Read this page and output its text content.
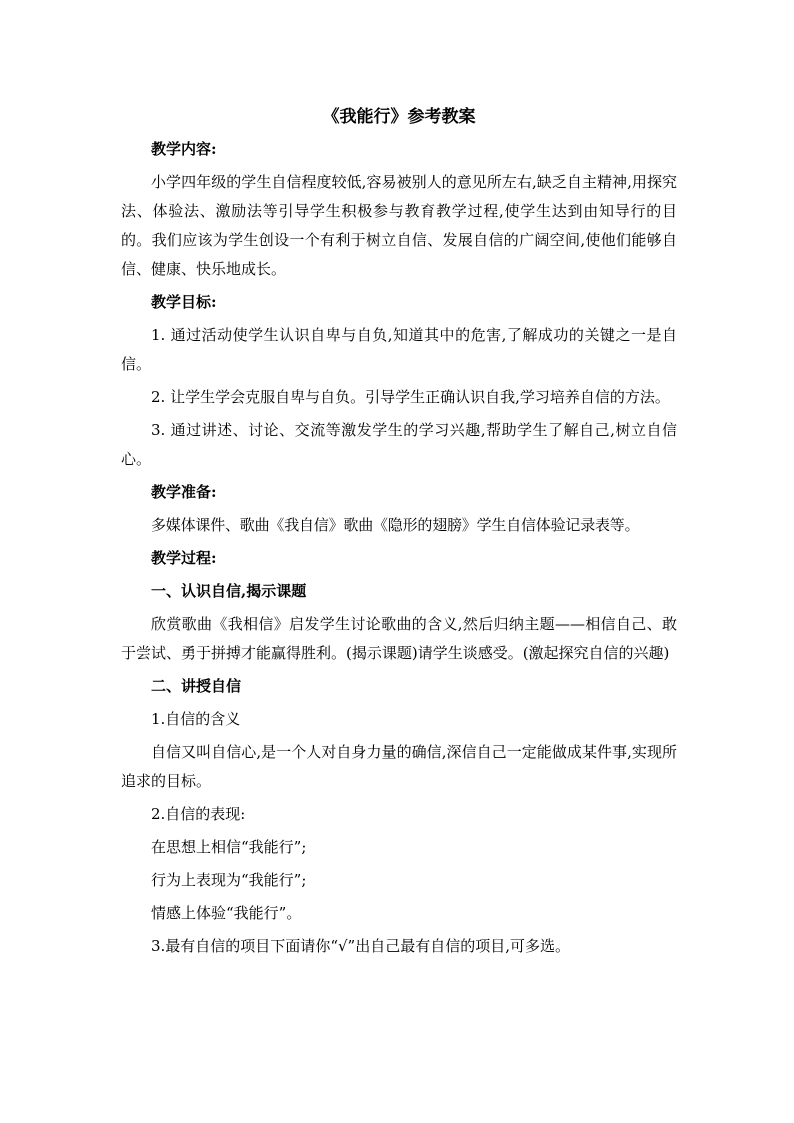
《我能行》参考教案
教学内容:
小学四年级的学生自信程度较低,容易被别人的意见所左右,缺乏自主精神,用探究法、体验法、激励法等引导学生积极参与教育教学过程,使学生达到由知导行的目的。我们应该为学生创设一个有利于树立自信、发展自信的广阔空间,使他们能够自信、健康、快乐地成长。
教学目标:
1. 通过活动使学生认识自卑与自负,知道其中的危害,了解成功的关键之一是自信。
2. 让学生学会克服自卑与自负。引导学生正确认识自我,学习培养自信的方法。
3. 通过讲述、讨论、交流等激发学生的学习兴趣,帮助学生了解自己,树立自信心。
教学准备:
多媒体课件、歌曲《我自信》歌曲《隐形的翅膀》学生自信体验记录表等。
教学过程:
一、认识自信,揭示课题
欣赏歌曲《我相信》启发学生讨论歌曲的含义,然后归纳主题——相信自己、敢于尝试、勇于拼搏才能赢得胜利。(揭示课题)请学生谈感受。(激起探究自信的兴趣)
二、讲授自信
1.自信的含义
自信又叫自信心,是一个人对自身力量的确信,深信自己一定能做成某件事,实现所追求的目标。
2.自信的表现:
在思想上相信“我能行”;
行为上表现为“我能行”;
情感上体验“我能行”。
3.最有自信的项目下面请你“√”出自己最有自信的项目,可多选。
